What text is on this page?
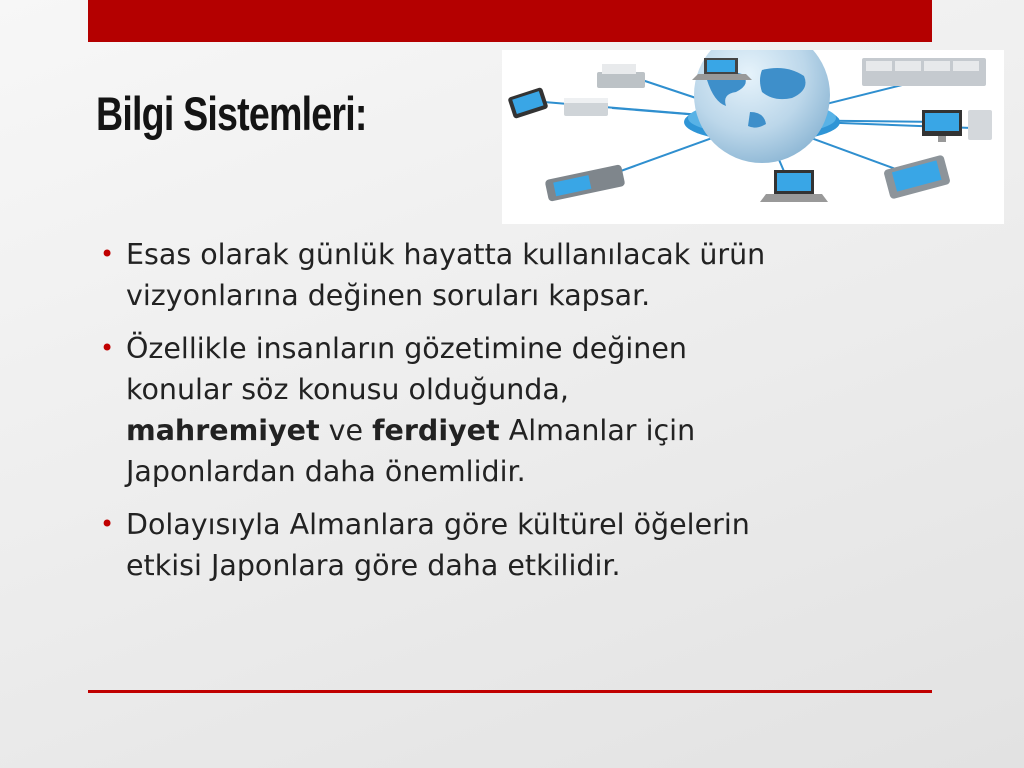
Bilgi Sistemleri:
• Esas olarak günlük hayatta kullanılacak ürün
vizyonlarına değinen soruları kapsar.
• Özellikle insanların gözetimine değinen
konular söz konusu olduğunda,
mahremiyet ve ferdiyet Almanlar için
Japonlardan daha önemlidir.
• Dolayısıyla Almanlara göre kültürel öğelerin
etkisi Japonlara göre daha etkilidir.
